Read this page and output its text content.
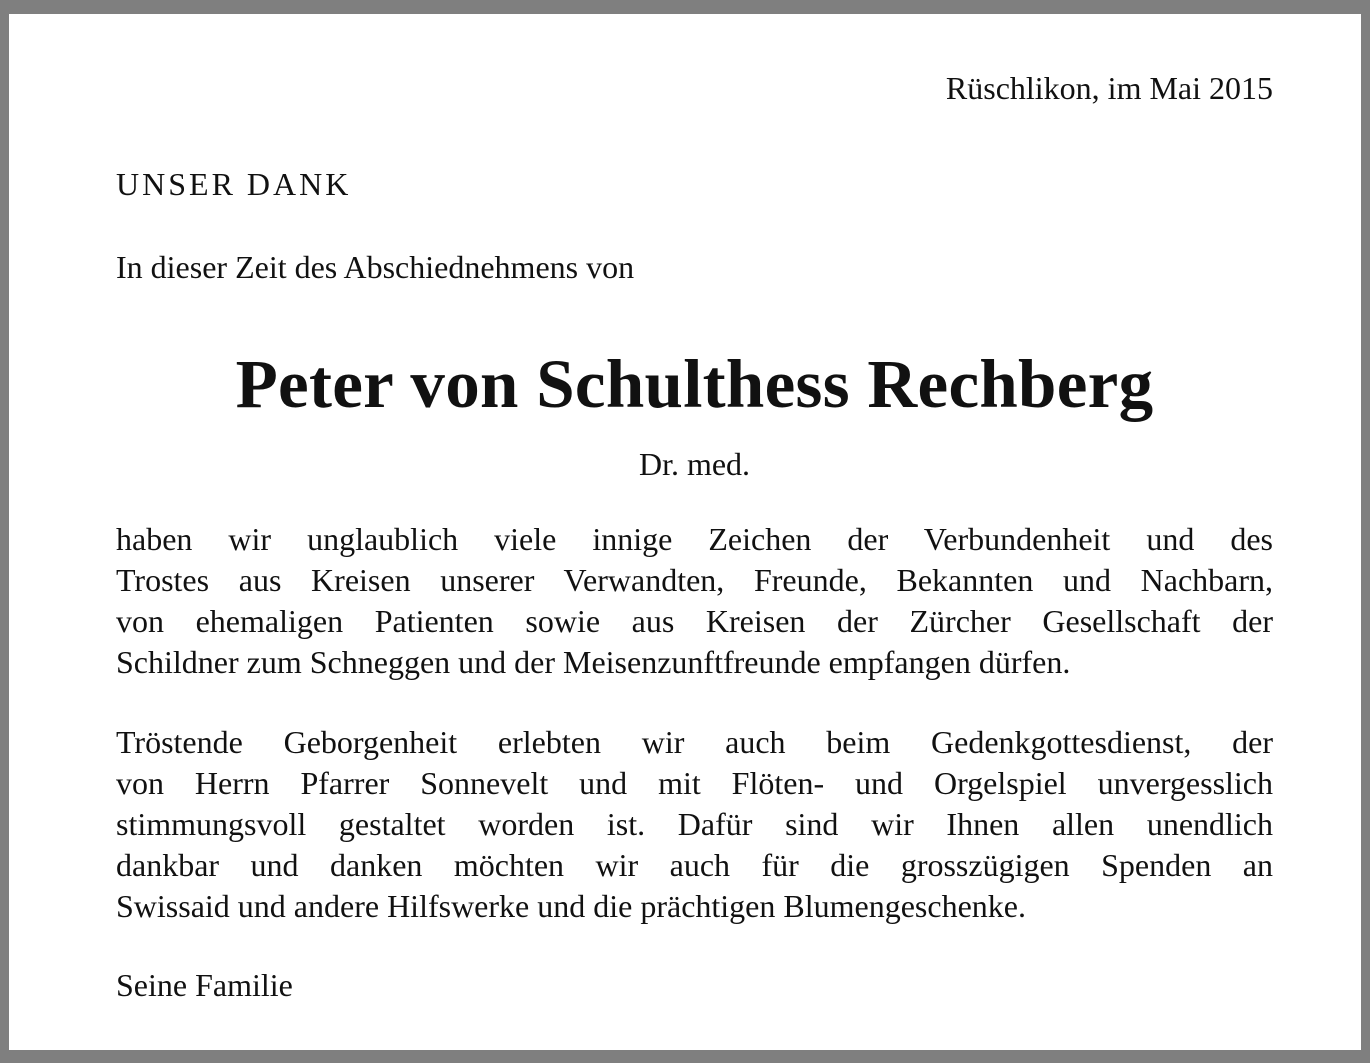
Rüschlikon, im Mai 2015
UNSER DANK
In dieser Zeit des Abschiednehmens von
Peter von Schulthess Rechberg
Dr. med.
haben wir unglaublich viele innige Zeichen der Verbundenheit und des
Trostes aus Kreisen unserer Verwandten, Freunde, Bekannten und Nachbarn,
von ehemaligen Patienten sowie aus Kreisen der Zürcher Gesellschaft der
Schildner zum Schneggen und der Meisenzunftfreunde empfangen dürfen.
Tröstende Geborgenheit erlebten wir auch beim Gedenkgottesdienst, der
von Herrn Pfarrer Sonnevelt und mit Flöten- und Orgelspiel unvergesslich
stimmungsvoll gestaltet worden ist. Dafür sind wir Ihnen allen unendlich
dankbar und danken möchten wir auch für die grosszügigen Spenden an
Swissaid und andere Hilfswerke und die prächtigen Blumengeschenke.
Seine Familie
